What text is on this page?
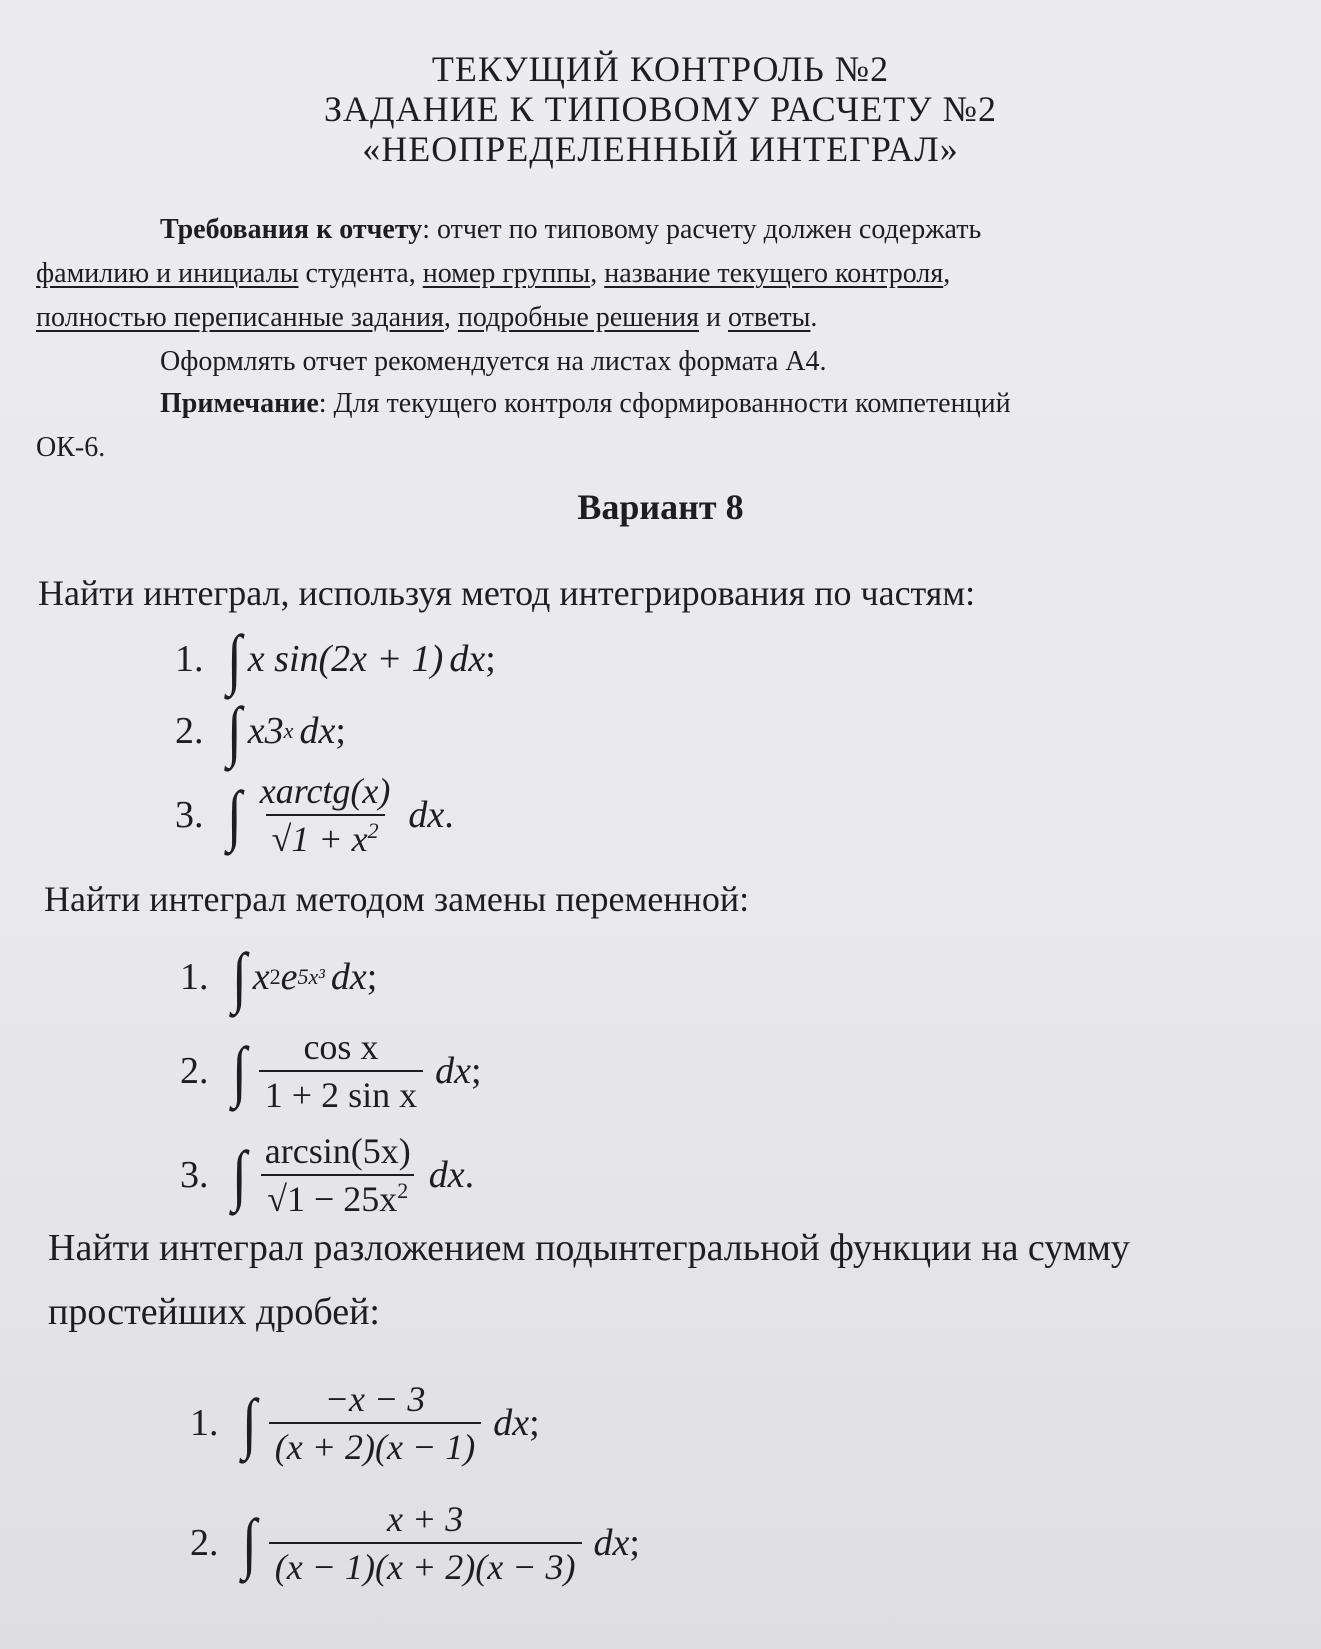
ТЕКУЩИЙ КОНТРОЛЬ №2
ЗАДАНИЕ К ТИПОВОМУ РАСЧЕТУ №2
«НЕОПРЕДЕЛЕННЫЙ ИНТЕГРАЛ»
Требования к отчету: отчет по типовому расчету должен содержать
фамилию и инициалы студента, номер группы, название текущего контроля,
полностью переписанные задания, подробные решения и ответы.
Оформлять отчет рекомендуется на листах формата А4.
Примечание: Для текущего контроля сформированности компетенций
ОК-6.
Вариант 8
Найти интеграл, используя метод интегрирования по частям:
1. ∫ x sin(2x + 1) dx ;
2. ∫ x3 x dx ;
3. ∫ $\frac{\text{xarctg(x)}}{√1 + x^2}$ dx .
Найти интеграл методом замены переменной:
1. ∫ x 2 e 5x³ dx ;
2. ∫ $\frac{\text{cos x}}{\text{1 + 2 sin x}}$ dx ;
3. ∫ $\frac{\arcsin(5x)}{√1 - 25x^2}$ dx .
Найти интеграл разложением подынтегральной функции на сумму
простейших дробей:
1. ∫ $\frac{-x - 3}{(x + 2)(x - 1)}$ dx ;
2. ∫ $\frac{x + 3}{(x - 1)(x + 2)(x - 3)}$ dx ;
